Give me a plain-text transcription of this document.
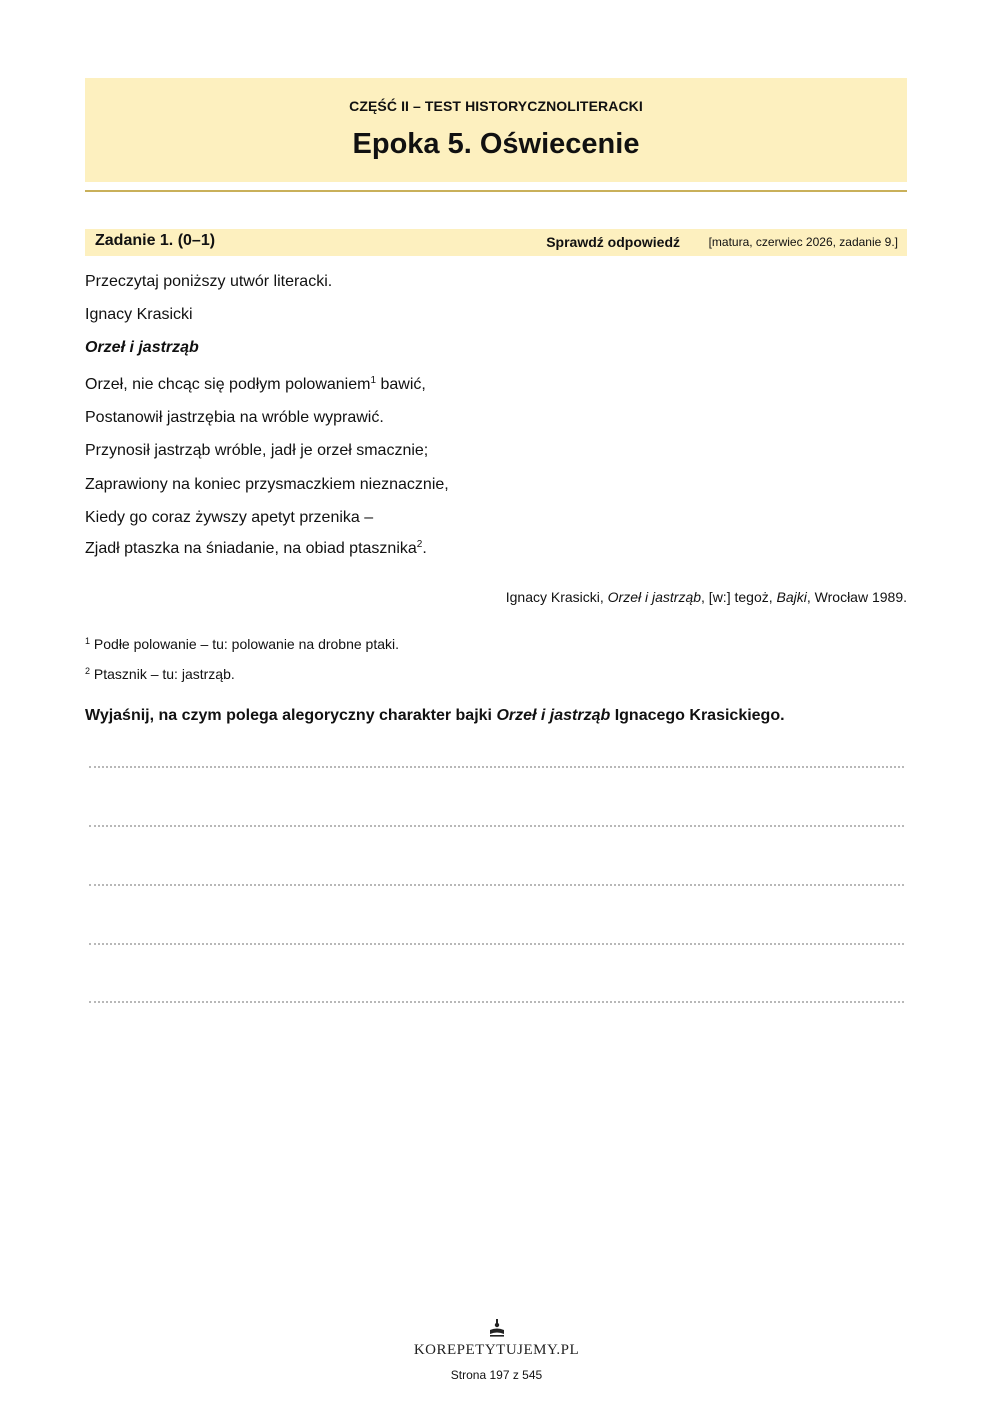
CZĘŚĆ II – TEST HISTORYCZNOLITERACKI
Epoka 5. Oświecenie
Zadanie 1. (0–1)	Sprawdź odpowiedź [matura, czerwiec 2026, zadanie 9.]
Przeczytaj poniższy utwór literacki.
Ignacy Krasicki
Orzeł i jastrząb
Orzeł, nie chcąc się podłym polowaniem$^1$ bawić,
Postanowił jastrzębia na wróble wyprawić.
Przynosił jastrząb wróble, jadł je orzeł smacznie;
Zaprawiony na koniec przysmaczkiem nieznacznie,
Kiedy go coraz żywszy apetyt przenika –
Zjadł ptaszka na śniadanie, na obiad ptasznika$^2$.
Ignacy Krasicki, Orzeł i jastrząb, [w:] tegoż, Bajki, Wrocław 1989.
$^1$ Podłe polowanie – tu: polowanie na drobne ptaki.
$^2$ Ptasznik – tu: jastrząb.
Wyjaśnij, na czym polega alegoryczny charakter bajki Orzeł i jastrząb Ignacego Krasickiego.
KOREPETYTUJEMY.PL
Strona 197 z 545
